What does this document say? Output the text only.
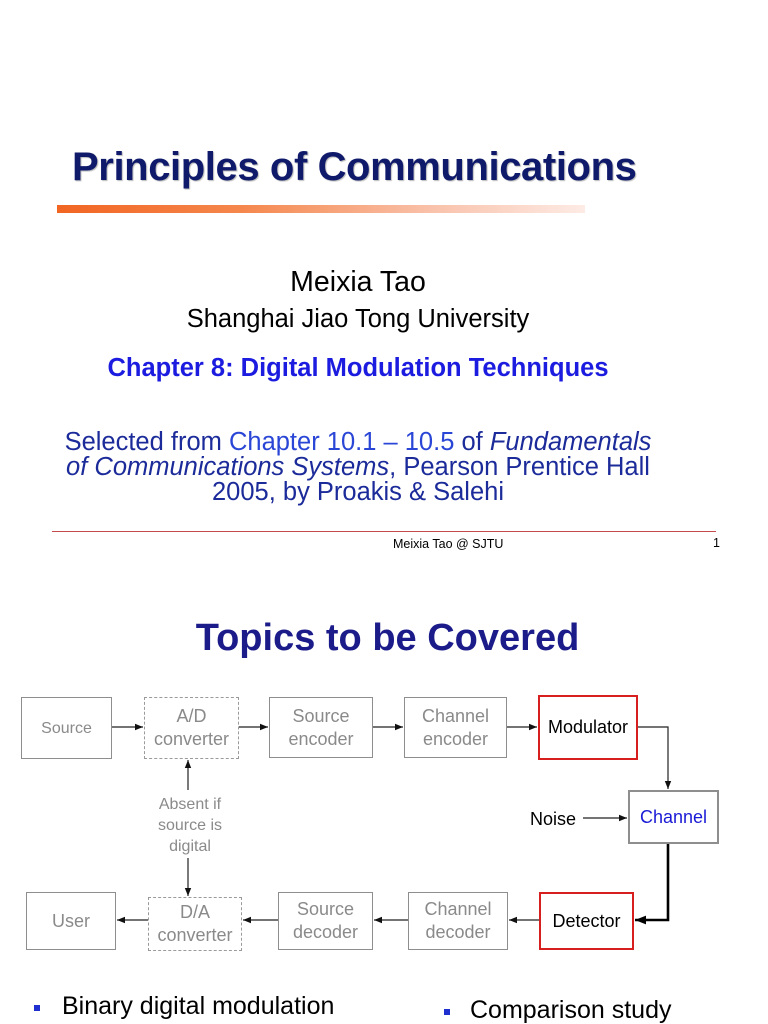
Principles of Communications
Meixia Tao
Shanghai Jiao Tong University
Chapter 8: Digital Modulation Techniques
Selected from Chapter 10.1 – 10.5 of Fundamentals
of Communications Systems, Pearson Prentice Hall
2005, by Proakis & Salehi
Meixia Tao @ SJTU	1
Topics to be Covered
Source
A/D
converter
Source
encoder
Channel
encoder
Modulator
Noise	Channel
Absent if
source is
digital
Detector
Channel
decoder
Source
decoder
D/A
converter
User
Binary digital modulation	Comparison study
